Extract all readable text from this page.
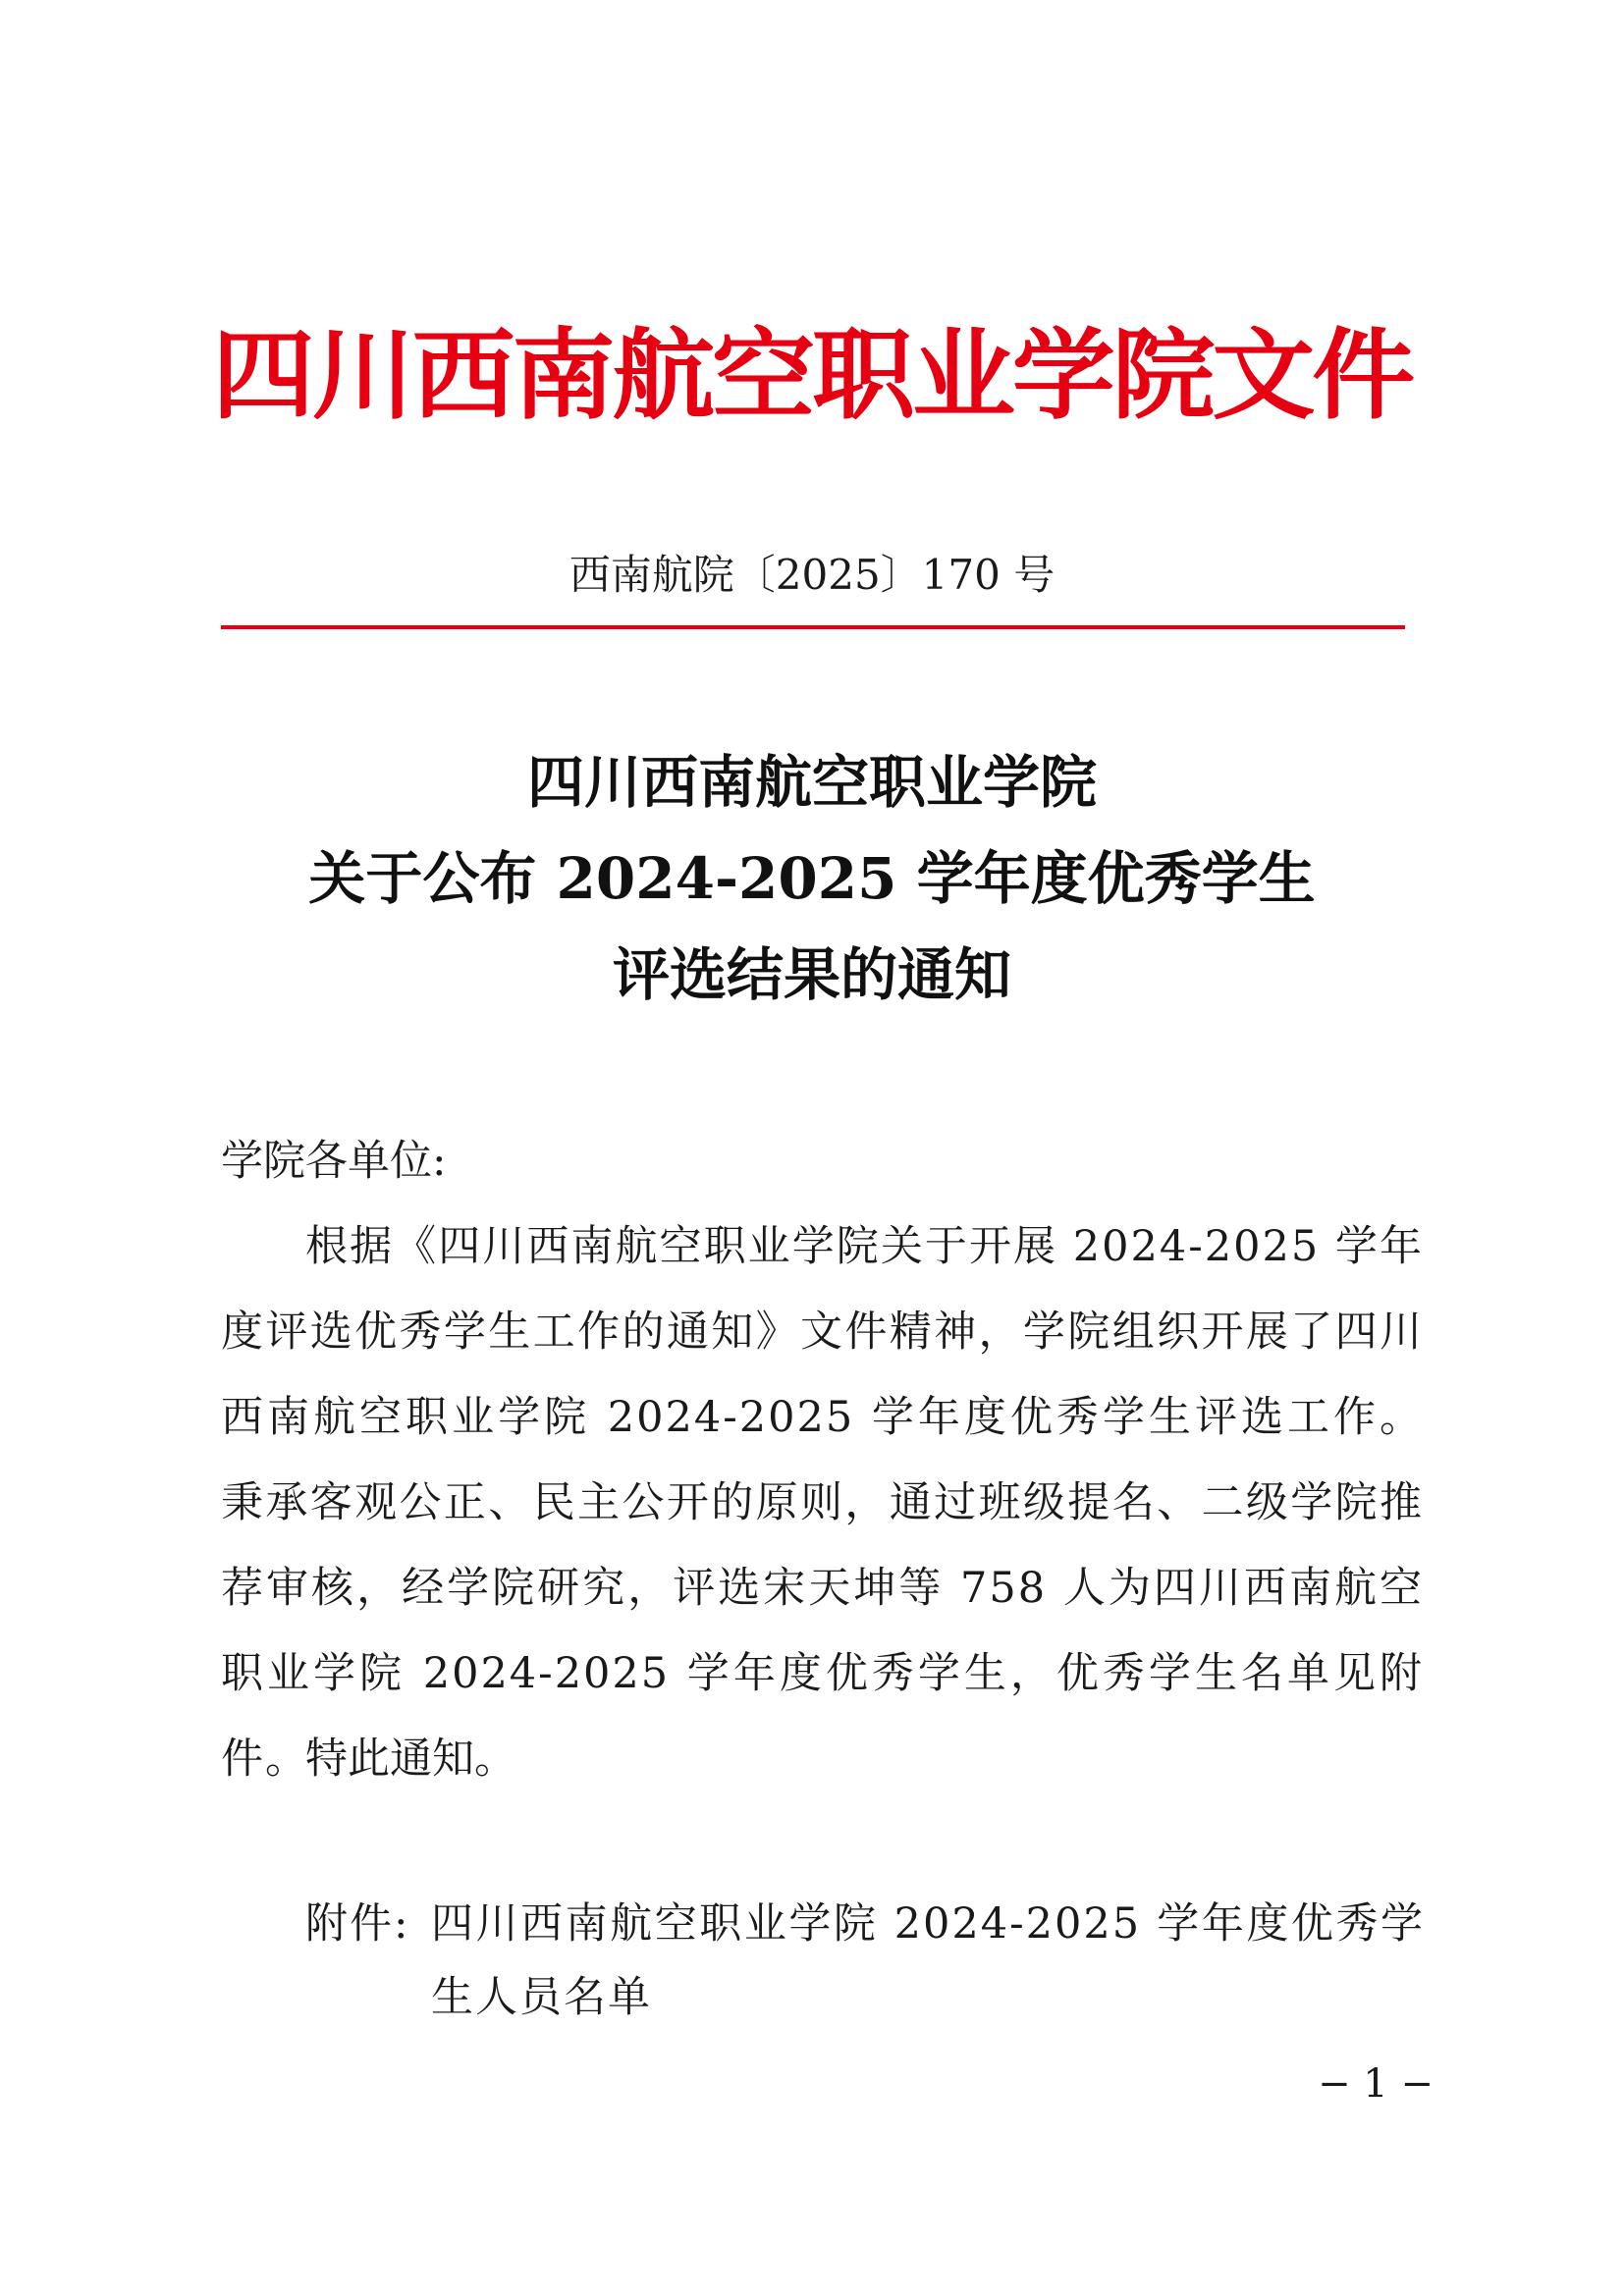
四川西南航空职业学院文件
西南航院〔2025〕170 号
四川西南航空职业学院
关于公布 2024-2025 学年度优秀学生
评选结果的通知
学院各单位:
根据《四川西南航空职业学院关于开展 2024-2025 学年度评选优秀学生工作的通知》文件精神，学院组织开展了四川西南航空职业学院 2024-2025 学年度优秀学生评选工作。秉承客观公正、民主公开的原则，通过班级提名、二级学院推荐审核，经学院研究，评选宋天坤等 758 人为四川西南航空职业学院 2024-2025 学年度优秀学生，优秀学生名单见附件。
特此通知。
附件: 四川西南航空职业学院 2024-2025 学年度优秀学生人员名单
− 1 −
